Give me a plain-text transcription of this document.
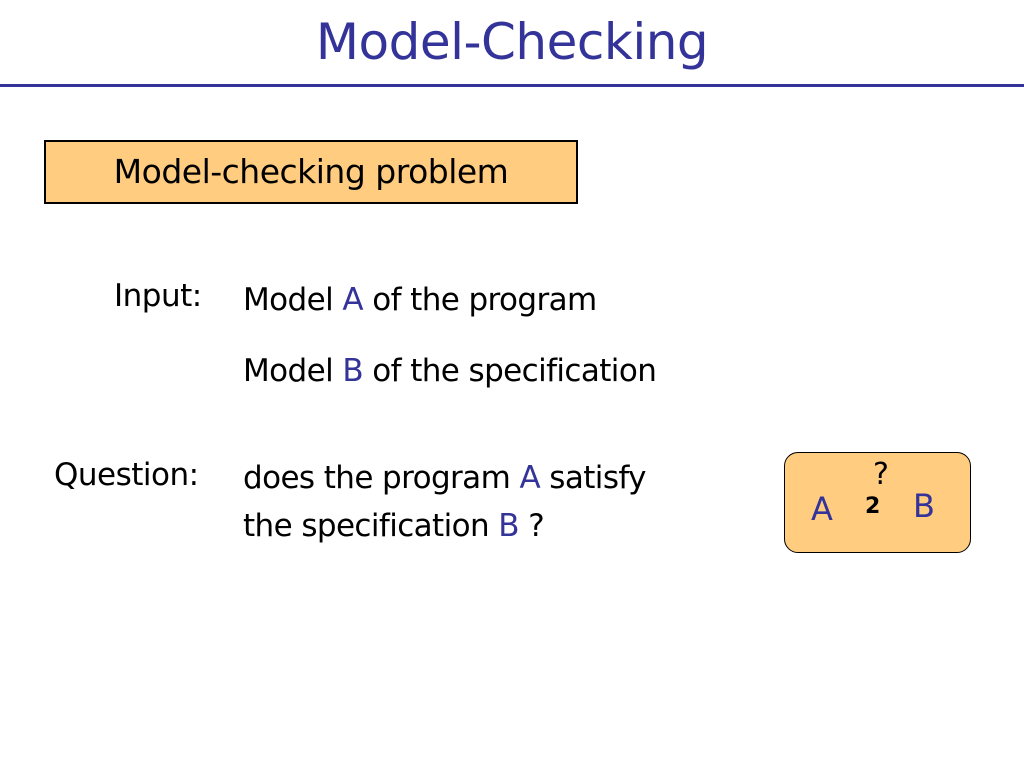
Model-Checking
Model-checking problem
Input: Model A of the program
Model B of the specification
Question: does the program A satisfy
the specification B ?
?
A 2 B
